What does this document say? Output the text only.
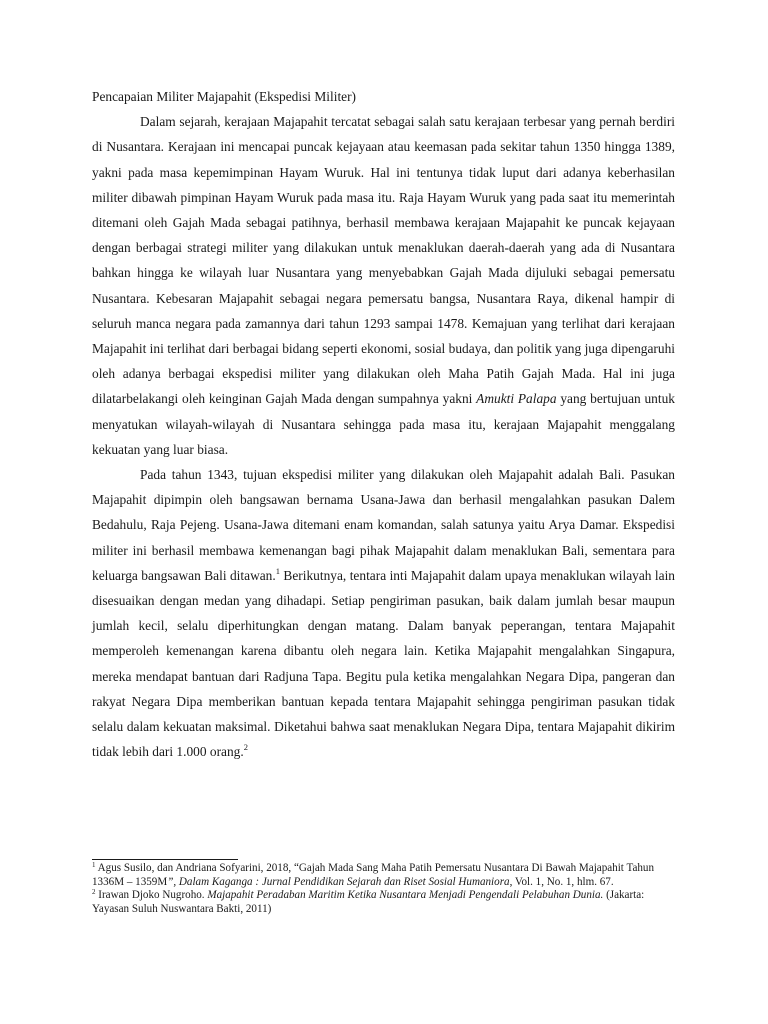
Pencapaian Militer Majapahit (Ekspedisi Militer)

Dalam sejarah, kerajaan Majapahit tercatat sebagai salah satu kerajaan terbesar yang pernah berdiri di Nusantara. Kerajaan ini mencapai puncak kejayaan atau keemasan pada sekitar tahun 1350 hingga 1389, yakni pada masa kepemimpinan Hayam Wuruk. Hal ini tentunya tidak luput dari adanya keberhasilan militer dibawah pimpinan Hayam Wuruk pada masa itu. Raja Hayam Wuruk yang pada saat itu memerintah ditemani oleh Gajah Mada sebagai patihnya, berhasil membawa kerajaan Majapahit ke puncak kejayaan dengan berbagai strategi militer yang dilakukan untuk menaklukan daerah-daerah yang ada di Nusantara bahkan hingga ke wilayah luar Nusantara yang menyebabkan Gajah Mada dijuluki sebagai pemersatu Nusantara. Kebesaran Majapahit sebagai negara pemersatu bangsa, Nusantara Raya, dikenal hampir di seluruh manca negara pada zamannya dari tahun 1293 sampai 1478. Kemajuan yang terlihat dari kerajaan Majapahit ini terlihat dari berbagai bidang seperti ekonomi, sosial budaya, dan politik yang juga dipengaruhi oleh adanya berbagai ekspedisi militer yang dilakukan oleh Maha Patih Gajah Mada. Hal ini juga dilatarbelakangi oleh keinginan Gajah Mada dengan sumpahnya yakni Amukti Palapa yang bertujuan untuk menyatukan wilayah-wilayah di Nusantara sehingga pada masa itu, kerajaan Majapahit menggalang kekuatan yang luar biasa.

Pada tahun 1343, tujuan ekspedisi militer yang dilakukan oleh Majapahit adalah Bali. Pasukan Majapahit dipimpin oleh bangsawan bernama Usana-Jawa dan berhasil mengalahkan pasukan Dalem Bedahulu, Raja Pejeng. Usana-Jawa ditemani enam komandan, salah satunya yaitu Arya Damar. Ekspedisi militer ini berhasil membawa kemenangan bagi pihak Majapahit dalam menaklukan Bali, sementara para keluarga bangsawan Bali ditawan.$^1$ Berikutnya, tentara inti Majapahit dalam upaya menaklukan wilayah lain disesuaikan dengan medan yang dihadapi. Setiap pengiriman pasukan, baik dalam jumlah besar maupun jumlah kecil, selalu diperhitungkan dengan matang. Dalam banyak peperangan, tentara Majapahit memperoleh kemenangan karena dibantu oleh negara lain. Ketika Majapahit mengalahkan Singapura, mereka mendapat bantuan dari Radjuna Tapa. Begitu pula ketika mengalahkan Negara Dipa, pangeran dan rakyat Negara Dipa memberikan bantuan kepada tentara Majapahit sehingga pengiriman pasukan tidak selalu dalam kekuatan maksimal. Diketahui bahwa saat menaklukan Negara Dipa, tentara Majapahit dikirim tidak lebih dari 1.000 orang.$^2$

$^1$ Agus Susilo, dan Andriana Sofyarini, 2018, “Gajah Mada Sang Maha Patih Pemersatu Nusantara Di Bawah Majapahit Tahun 1336M – 1359M”, Dalam Kaganga : Jurnal Pendidikan Sejarah dan Riset Sosial Humaniora, Vol. 1, No. 1, hlm. 67.

$^2$ Irawan Djoko Nugroho. Majapahit Peradaban Maritim Ketika Nusantara Menjadi Pengendali Pelabuhan Dunia. (Jakarta: Yayasan Suluh Nuswantara Bakti, 2011)
